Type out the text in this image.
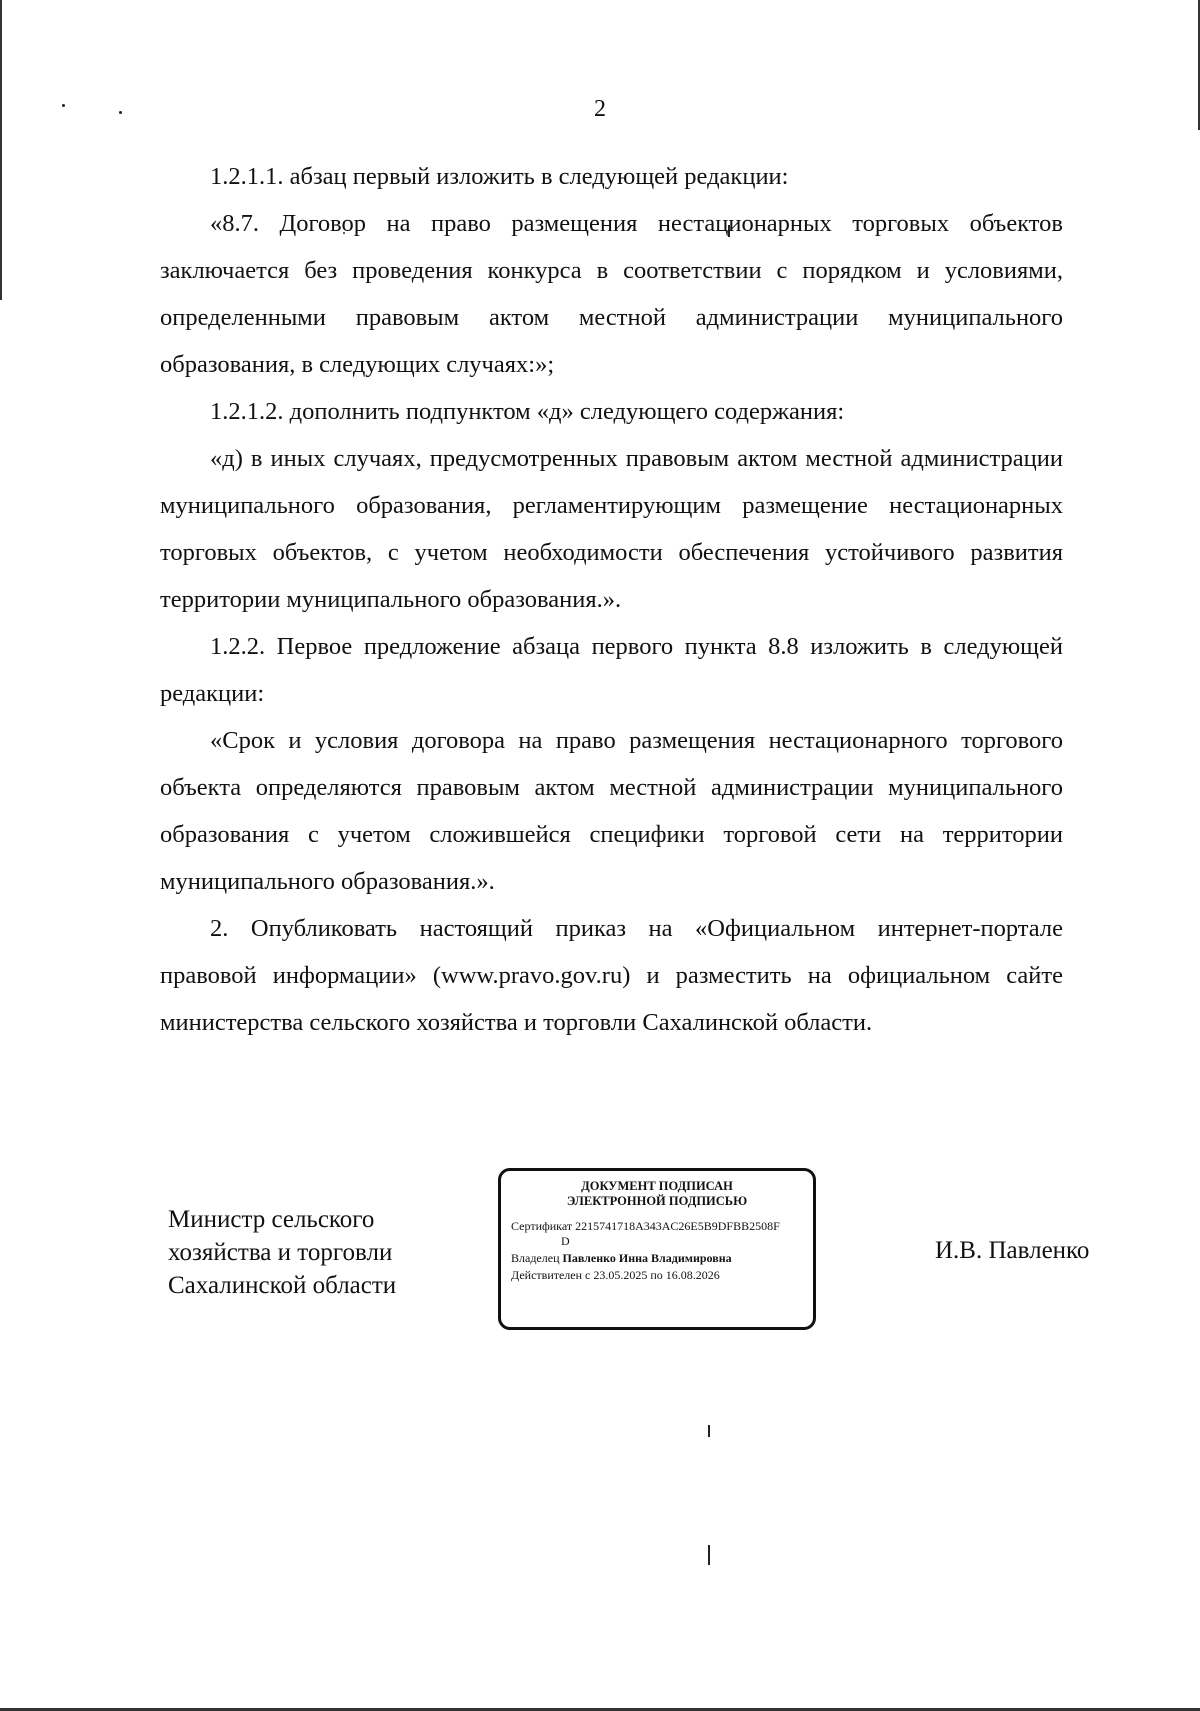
2

1.2.1.1. абзац первый изложить в следующей редакции:

«8.7. Договор на право размещения нестационарных торговых объектов заключается без проведения конкурса в соответствии с порядком и условиями, определенными правовым актом местной администрации муниципального образования, в следующих случаях:»;

1.2.1.2. дополнить подпунктом «д» следующего содержания:

«д) в иных случаях, предусмотренных правовым актом местной администрации муниципального образования, регламентирующим размещение нестационарных торговых объектов, с учетом необходимости обеспечения устойчивого развития территории муниципального образования.».

1.2.2. Первое предложение абзаца первого пункта 8.8 изложить в следующей редакции:

«Срок и условия договора на право размещения нестационарного торгового объекта определяются правовым актом местной администрации муниципального образования с учетом сложившейся специфики торговой сети на территории муниципального образования.».

2. Опубликовать настоящий приказ на «Официальном интернет-портале правовой информации» (www.pravo.gov.ru) и разместить на официальном сайте министерства сельского хозяйства и торговли Сахалинской области.

Министр сельского
хозяйства и торговли
Сахалинской области
ДОКУМЕНТ ПОДПИСАН
ЭЛЕКТРОННОЙ ПОДПИСЬЮ
Сертификат 2215741718A343AC26E5B9DFBB2508F
D
Владелец Павленко Инна Владимировна
Действителен с 23.05.2025 по 16.08.2026
И.В. Павленко
